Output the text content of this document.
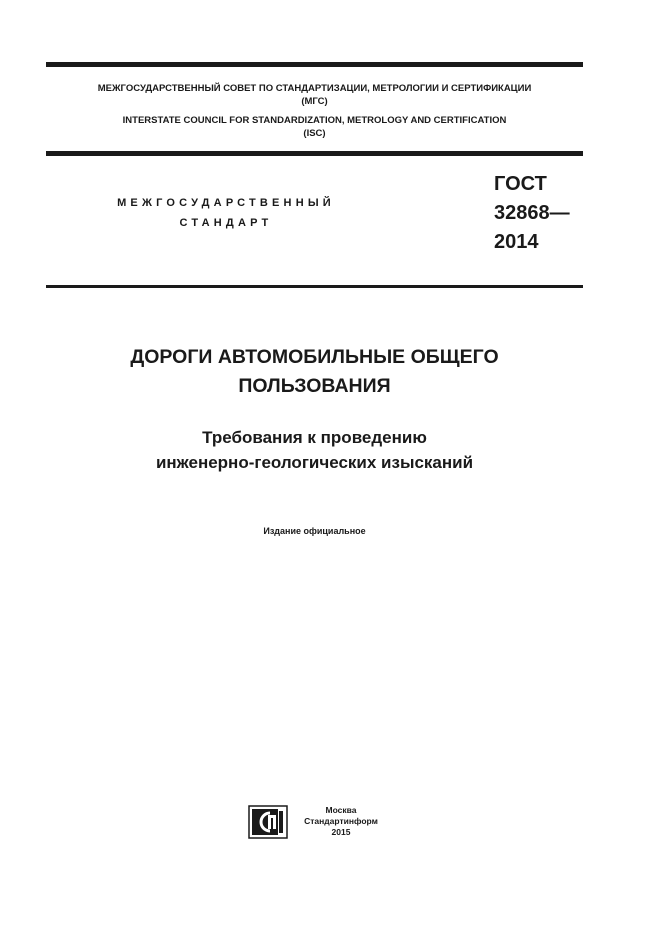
МЕЖГОСУДАРСТВЕННЫЙ СОВЕТ ПО СТАНДАРТИЗАЦИИ, МЕТРОЛОГИИ И СЕРТИФИКАЦИИ
(МГС)
INTERSTATE COUNCIL FOR STANDARDIZATION, METROLOGY AND CERTIFICATION
(ISC)
МЕЖГОСУДАРСТВЕННЫЙ
СТАНДАРТ
ГОСТ
32868—
2014
ДОРОГИ АВТОМОБИЛЬНЫЕ ОБЩЕГО
ПОЛЬЗОВАНИЯ
Требования к проведению
инженерно-геологических изысканий
Издание официальное
Москва
Стандартинформ
2015
